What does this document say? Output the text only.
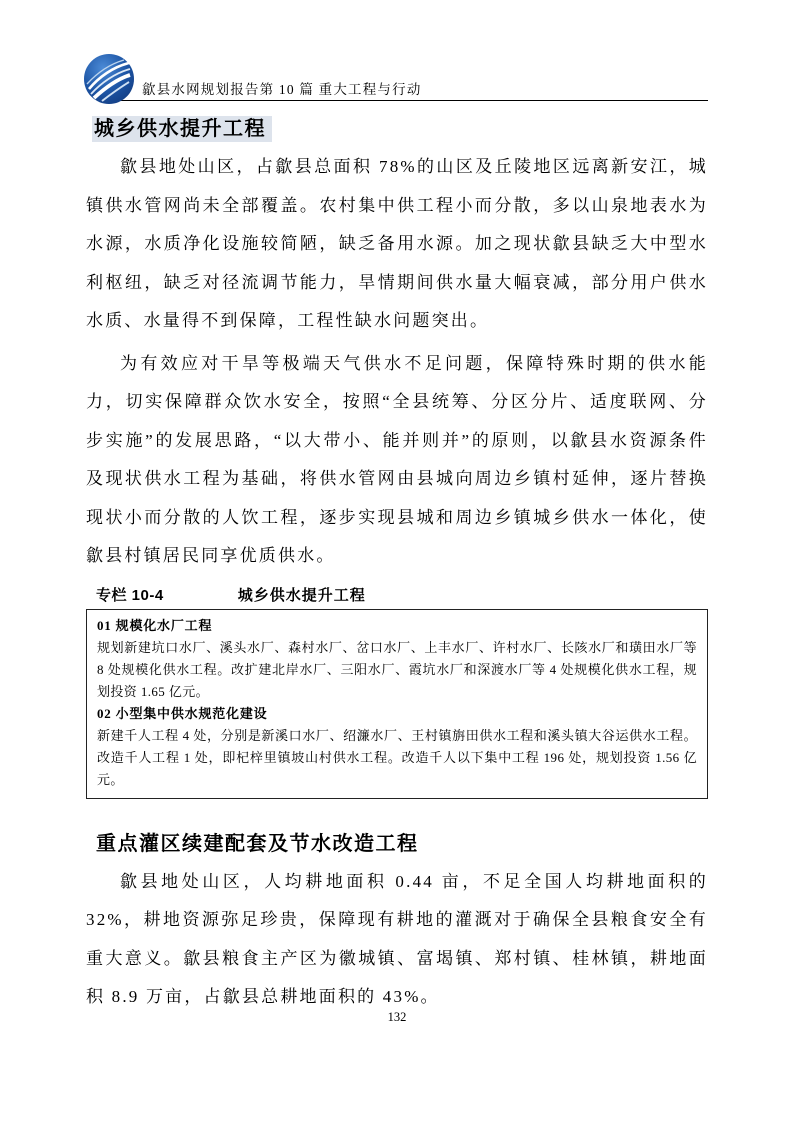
歙县水网规划报告第 10 篇 重大工程与行动
城乡供水提升工程

歙县地处山区，占歙县总面积 78%的山区及丘陵地区远离新安江，城镇供水管网尚未全部覆盖。农村集中供工程小而分散，多以山泉地表水为水源，水质净化设施较简陋，缺乏备用水源。加之现状歙县缺乏大中型水利枢纽，缺乏对径流调节能力，旱情期间供水量大幅衰减，部分用户供水水质、水量得不到保障，工程性缺水问题突出。

为有效应对干旱等极端天气供水不足问题，保障特殊时期的供水能力，切实保障群众饮水安全，按照“全县统筹、分区分片、适度联网、分步实施”的发展思路，“以大带小、能并则并”的原则，以歙县水资源条件及现状供水工程为基础，将供水管网由县城向周边乡镇村延伸，逐片替换现状小而分散的人饮工程，逐步实现县城和周边乡镇城乡供水一体化，使歙县村镇居民同享优质供水。

专栏 10-4	城乡供水提升工程
01 规模化水厂工程
规划新建坑口水厂、溪头水厂、森村水厂、岔口水厂、上丰水厂、许村水厂、长陔水厂和璜田水厂等 8 处规模化供水工程。改扩建北岸水厂、三阳水厂、霞坑水厂和深渡水厂等 4 处规模化供水工程，规划投资 1.65 亿元。
02 小型集中供水规范化建设
新建千人工程 4 处，分别是新溪口水厂、绍濂水厂、王村镇旃田供水工程和溪头镇大谷运供水工程。改造千人工程 1 处，即杞梓里镇坡山村供水工程。改造千人以下集中工程 196 处，规划投资 1.56 亿元。
重点灌区续建配套及节水改造工程

歙县地处山区，人均耕地面积 0.44 亩，不足全国人均耕地面积的 32%，耕地资源弥足珍贵，保障现有耕地的灌溉对于确保全县粮食安全有重大意义。歙县粮食主产区为徽城镇、富堨镇、郑村镇、桂林镇，耕地面积 8.9 万亩，占歙县总耕地面积的 43%。

132
